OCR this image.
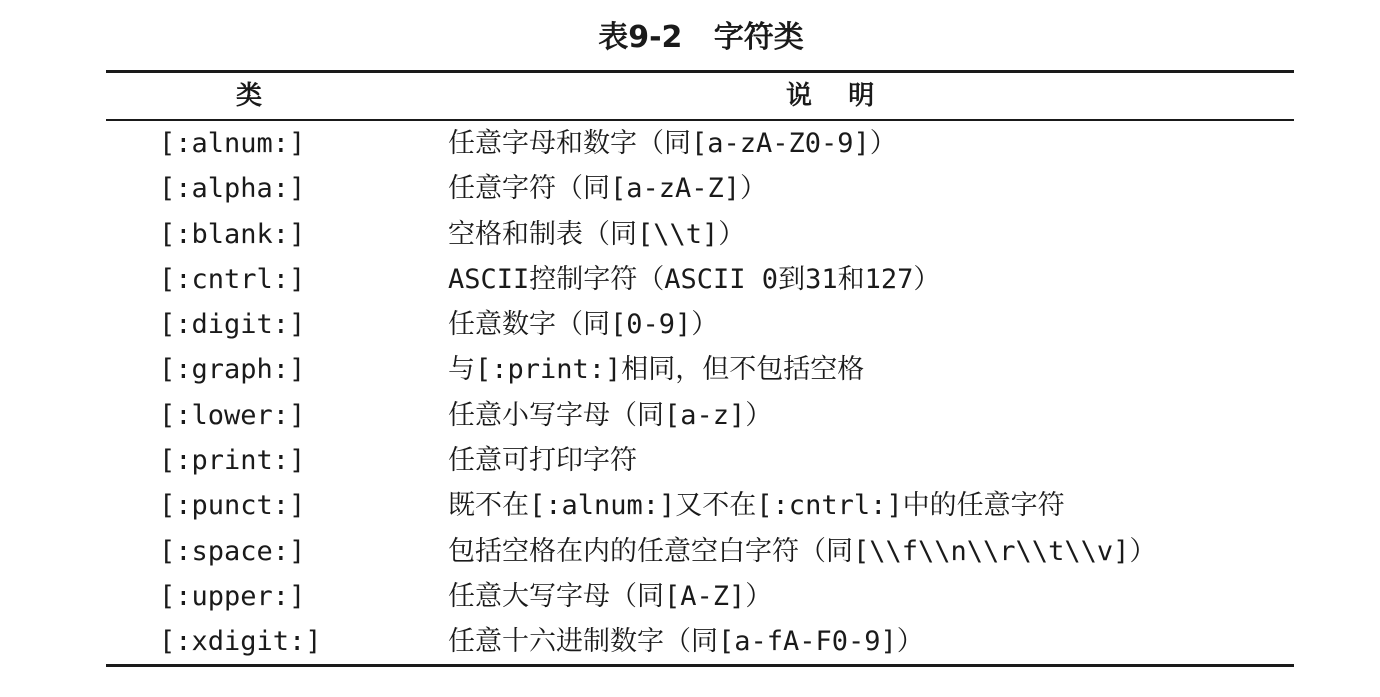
表9-2   字符类
类	说    明
[:alnum:]	任意字母和数字（同[a-zA-Z0-9]）
[:alpha:]	任意字符（同[a-zA-Z]）
[:blank:]	空格和制表（同[\\t]）
[:cntrl:]	ASCII控制字符（ASCII 0到31和127）
[:digit:]	任意数字（同[0-9]）
[:graph:]	与[:print:]相同，但不包括空格
[:lower:]	任意小写字母（同[a-z]）
[:print:]	任意可打印字符
[:punct:]	既不在[:alnum:]又不在[:cntrl:]中的任意字符
[:space:]	包括空格在内的任意空白字符（同[\\f\\n\\r\\t\\v]）
[:upper:]	任意大写字母（同[A-Z]）
[:xdigit:]	任意十六进制数字（同[a-fA-F0-9]）
